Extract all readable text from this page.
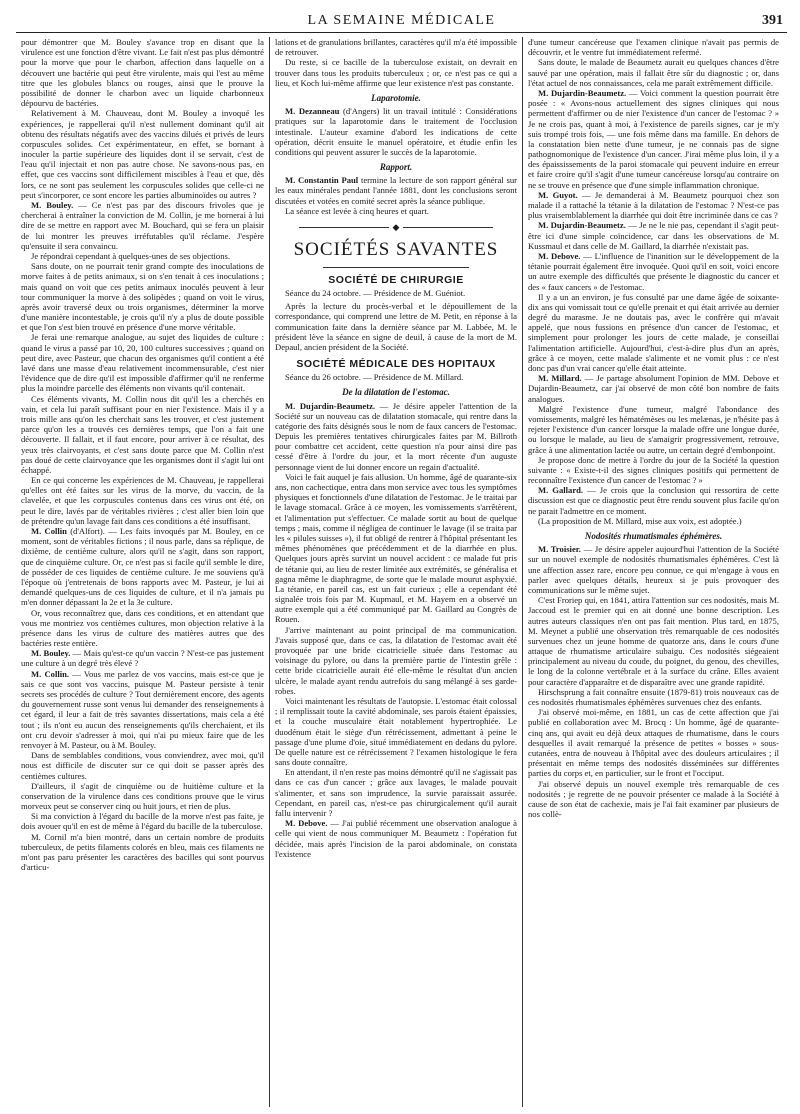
LA SEMAINE MÉDICALE	391

pour démontrer que M. Bouley s'avance trop en disant que la virulence est une fonction d'être vivant. Le fait n'est pas plus démontré pour la morve que pour le charbon, affection dans laquelle on a découvert une bactérie qui peut être virulente, mais qui l'est au même titre que les globules blancs ou rouges, ainsi que le prouve la possibilité de donner le charbon avec un liquide charbonneux dépourvu de bactéries.

Relativement à M. Chauveau, dont M. Bouley a invoqué les expériences, je rappellerai qu'il n'est nullement dominant qu'il ait obtenu des résultats négatifs avec des vaccins dilués et privés de leurs corpuscules solides. Cet expérimentateur, en effet, se bornant à inoculer la partie supérieure des liquides dont il se servait, c'est de l'eau qu'il injectait et non pas autre chose. Ne savons-nous pas, en effet, que ces vaccins sont difficilement miscibles à l'eau et que, dès lors, ce ne sont pas seulement les corpuscules solides que celle-ci ne peut s'incorporer, ce sont encore les parties albuminoïdes ou autres ?

M. Bouley. — Ce n'est pas par des discours frivoles que je chercherai à entraîner la conviction de M. Collin, je me bornerai à lui dire de se mettre en rapport avec M. Bouchard, qui se fera un plaisir de lui montrer les preuves irréfutables qu'il réclame. J'espère qu'ensuite il sera convaincu.

Je répondrai cependant à quelques-unes de ses objections.

Sans doute, on ne pourrait tenir grand compte des inoculations de morve faites à de petits animaux, si on s'en tenait à ces inoculations ; mais quand on voit que ces petits animaux inoculés peuvent à leur tour communiquer la morve à des solipèdes ; quand on voit le virus, après avoir traversé deux ou trois organismes, déterminer la morve d'une manière incontestable, je crois qu'il n'y a plus de doute possible et que l'on s'est bien trouvé en présence d'une morve véritable.

Je ferai une remarque analogue, au sujet des liquides de culture : quand le virus a passé par 10, 20, 100 cultures successives ; quand on peut dire, avec Pasteur, que chacun des organismes qu'il contient a été lavé dans une masse d'eau relativement incommensurable, c'est nier l'évidence que de dire qu'il est impossible d'affirmer qu'il ne renferme plus la moindre parcelle des éléments non vivants qu'il contenait.

Ces éléments vivants, M. Collin nous dit qu'il les a cherchés en vain, et cela lui paraît suffisant pour en nier l'existence. Mais il y a trois mille ans qu'on les cherchait sans les trouver, et c'est justement parce qu'on les a trouvés ces dernières temps, que l'on a fait une découverte. Il fallait, et il faut encore, pour arriver à ce résultat, des yeux très clairvoyants, et c'est sans doute parce que M. Collin n'est pas doué de cette clairvoyance que les organismes dont il s'agit lui ont échappé.

En ce qui concerne les expériences de M. Chauveau, je rappellerai qu'elles ont été faites sur les virus de la morve, du vaccin, de la clavelée, et que les corpuscules contenus dans ces virus ont été, on peut le dire, lavés par de véritables rivières ; c'est aller bien loin que de prétendre qu'un lavage fait dans ces conditions a été insuffisant.

M. Collin (d'Alfort). — Les faits invoqués par M. Bouley, en ce moment, sont de véritables fictions ; il nous parle, dans sa réplique, de dixième, de centième culture, alors qu'il ne s'agit, dans son rapport, que de cinquième culture. Or, ce n'est pas si facile qu'il semble le dire, de posséder de ces liquides de centième culture. Je me souviens qu'à l'époque où j'entretenais de bons rapports avec M. Pasteur, je lui ai demandé quelques-uns de ces liquides de culture, et il n'a jamais pu m'en donner dépassant la 2e et la 3e culture.

Or, vous reconnaîtrez que, dans ces conditions, et en attendant que vous me montriez vos centièmes cultures, mon objection relative à la présence dans les virus de culture des matières autres que des bactéries reste entière.

M. Bouley. — Mais qu'est-ce qu'un vaccin ? N'est-ce pas justement une culture à un degré très élevé ?

M. Collin. — Vous me parlez de vos vaccins, mais est-ce que je sais ce que sont vos vaccins, puisque M. Pasteur persiste à tenir secrets ses procédés de culture ? Tout dernièrement encore, des agents du gouvernement russe sont venus lui demander des renseignements à cet égard, il leur a fait de très savantes dissertations, mais cela a été tout ; ils n'ont eu aucun des renseignements qu'ils cherchaient, et ils ont cru devoir s'adresser à moi, qui n'ai pu mieux faire que de les renvoyer à M. Pasteur, ou à M. Bouley.

Dans de semblables conditions, vous conviendrez, avec moi, qu'il nous est difficile de discuter sur ce qui doit se passer après des centièmes cultures.

D'ailleurs, il s'agit de cinquième ou de huitième culture et la conservation de la virulence dans ces conditions prouve que le virus morveux peut se conserver cinq ou huit jours, et rien de plus.

Si ma conviction à l'égard du bacille de la morve n'est pas faite, je dois avouer qu'il en est de même à l'égard du bacille de la tuberculose.

M. Cornil m'a bien montré, dans un certain nombre de produits tuberculeux, de petits filaments colorés en bleu, mais ces filaments ne m'ont pas paru présenter les caractères des bacilles qui sont pourvus d'articu-

lations et de granulations brillantes, caractères qu'il m'a été impossible de retrouver.

Du reste, si ce bacille de la tuberculose existait, on devrait en trouver dans tous les produits tuberculeux ; or, ce n'est pas ce qui a lieu, et Koch lui-même affirme que leur existence n'est pas constante.

Laparotomie.

M. Dezanneau (d'Angers) lit un travail intitulé : Considérations pratiques sur la laparotomie dans le traitement de l'occlusion intestinale. L'auteur examine d'abord les indications de cette opération, décrit ensuite le manuel opératoire, et étudie enfin les conditions qui peuvent assurer le succès de la laparotomie.

Rapport.

M. Constantin Paul termine la lecture de son rapport général sur les eaux minérales pendant l'année 1881, dont les conclusions seront discutées et votées en comité secret après la séance publique.

La séance est levée à cinq heures et quart.

◆
SOCIÉTÉS SAVANTES
SOCIÉTÉ DE CHIRURGIE

Séance du 24 octobre. — Présidence de M. Guéniot.

Après la lecture du procès-verbal et le dépouillement de la correspondance, qui comprend une lettre de M. Petit, en réponse à la communication faite dans la dernière séance par M. Labbée, M. le président lève la séance en signe de deuil, à cause de la mort de M. Depaul, ancien président de la Société.

SOCIÉTÉ MÉDICALE DES HOPITAUX

Séance du 26 octobre. — Présidence de M. Millard.

De la dilatation de l'estomac.

M. Dujardin-Beaumetz. — Je désire appeler l'attention de la Société sur un nouveau cas de dilatation stomacale, qui rentre dans la catégorie des faits désignés sous le nom de faux cancers de l'estomac. Depuis les premières tentatives chirurgicales faites par M. Billroth pour combattre cet accident, cette question n'a pour ainsi dire pas cessé d'être à l'ordre du jour, et la mort récente d'un auguste personnage vient de lui donner encore un regain d'actualité.

Voici le fait auquel je fais allusion. Un homme, âgé de quarante-six ans, non cachectique, entra dans mon service avec tous les symptômes physiques et fonctionnels d'une dilatation de l'estomac. Je le traitai par le lavage stomacal. Grâce à ce moyen, les vomissements s'arrêtèrent, et l'alimentation put s'effectuer. Ce malade sortit au bout de quelque temps ; mais, comme il négligea de continuer le lavage (il se traita par les « pilules suisses »), il fut obligé de rentrer à l'hôpital présentant les mêmes phénomènes que précédemment et de la diarrhée en plus. Quelques jours après survint un nouvel accident : ce malade fut pris de tétanie qui, au lieu de rester limitée aux extrémités, se généralisa et gagna même le diaphragme, de sorte que le malade mourut asphyxié. La tétanie, en pareil cas, est un fait curieux ; elle a cependant été signalée trois fois par M. Kupmaul, et M. Hayem en a observé un autre exemple qui a été communiqué par M. Gaillard au Congrès de Rouen.

J'arrive maintenant au point principal de ma communication. J'avais supposé que, dans ce cas, la dilatation de l'estomac avait été provoquée par une bride cicatricielle située dans l'estomac au voisinage du pylore, ou dans la première partie de l'intestin grêle : cette bride cicatricielle aurait été elle-même le résultat d'un ancien ulcère, le malade ayant rendu autrefois du sang mélangé à ses garde-robes.

Voici maintenant les résultats de l'autopsie. L'estomac était colossal ; il remplissait toute la cavité abdominale, ses parois étaient épaissies, et la couche musculaire était notablement hypertrophiée. Le duodénum était le siège d'un rétrécissement, admettant à peine le passage d'une plume d'oie, situé immédiatement en dedans du pylore. De quelle nature est ce rétrécissement ? l'examen histologique le fera sans doute connaître.

En attendant, il n'en reste pas moins démontré qu'il ne s'agissait pas dans ce cas d'un cancer ; grâce aux lavages, le malade pouvait s'alimenter, et sans son imprudence, la survie paraissait assurée. Cependant, en pareil cas, n'est-ce pas chirurgicalement qu'il aurait fallu intervenir ?

M. Debove. — J'ai publié récemment une observation analogue à celle qui vient de nous communiquer M. Beaumetz : l'opération fut décidée, mais après l'incision de la paroi abdominale, on constata l'existence

d'une tumeur cancéreuse que l'examen clinique n'avait pas permis de découvrir, et le ventre fut immédiatement refermé.

Sans doute, le malade de Beaumetz aurait eu quelques chances d'être sauvé par une opération, mais il fallait être sûr du diagnostic ; or, dans l'état actuel de nos connaissances, cela me paraît extrêmement difficile.

M. Dujardin-Beaumetz. — Voici comment la question pourrait être posée : « Avons-nous actuellement des signes cliniques qui nous permettent d'affirmer ou de nier l'existence d'un cancer de l'estomac ? » Je ne crois pas, quant à moi, à l'existence de pareils signes, car je m'y suis trompé trois fois, — une fois même dans ma famille. En dehors de la constatation bien nette d'une tumeur, je ne connais pas de signe pathognomonique de l'existence d'un cancer. J'irai même plus loin, il y a des épaississements de la paroi stomacale qui peuvent induire en erreur et faire croire qu'il s'agit d'une tumeur cancéreuse lorsqu'au contraire on ne se trouve en présence que d'une simple inflammation chronique.

M. Guyot. — Je demanderai à M. Beaumetz pourquoi chez son malade il a rattaché la tétanie à la dilatation de l'estomac ? N'est-ce pas plus vraisemblablement la diarrhée qui doit être incriminée dans ce cas ?

M. Dujardin-Beaumetz. — Je ne le nie pas, cependant il s'agit peut-être ici d'une simple coïncidence, car dans les observations de M. Kussmaul et dans celle de M. Gaillard, la diarrhée n'existait pas.

M. Debove. — L'influence de l'inanition sur le développement de la tétanie pourrait également être invoquée. Quoi qu'il en soit, voici encore un autre exemple des difficultés que présente le diagnostic du cancer et des « faux cancers » de l'estomac.

Il y a un an environ, je fus consulté par une dame âgée de soixante-dix ans qui vomissait tout ce qu'elle prenait et qui était arrivée au dernier degré du marasme. Je ne doutais pas, avec le confrère qui m'avait appelé, que nous fussions en présence d'un cancer de l'estomac, et simplement pour prolonger les jours de cette malade, je conseillai l'alimentation artificielle. Aujourd'hui, c'est-à-dire plus d'un an après, grâce à ce moyen, cette malade s'alimente et ne vomit plus : ce n'est donc pas d'un vrai cancer qu'elle était atteinte.

M. Millard. — Je partage absolument l'opinion de MM. Debove et Dujardin-Beaumetz, car j'ai observé de mon côté bon nombre de faits analogues.

Malgré l'existence d'une tumeur, malgré l'abondance des vomissements, malgré les hématémèses ou les melænas, je n'hésite pas à rejeter l'existence d'un cancer lorsque la malade offre une longue durée, ou lorsque le malade, au lieu de s'amaigrir progressivement, retrouve, grâce à une alimentation lactée ou autre, un certain degré d'embonpoint.

Je propose donc de mettre à l'ordre du jour de la Société la question suivante : « Existe-t-il des signes cliniques positifs qui permettent de reconnaître l'existence d'un cancer de l'estomac ? »

M. Gallard. — Je crois que la conclusion qui ressortira de cette discussion est que ce diagnostic peut être rendu souvent plus facile qu'on ne parait l'admettre en ce moment.

(La proposition de M. Millard, mise aux voix, est adoptée.)

Nodosités rhumatismales éphémères.

M. Troisier. — Je désire appeler aujourd'hui l'attention de la Société sur un nouvel exemple de nodosités rhumatismales éphémères. C'est là une affection assez rare, encore peu connue, ce qui m'engage à vous en parler avec quelques détails, heureux si je puis provoquer des communications sur le même sujet.

C'est Froriep qui, en 1841, attira l'attention sur ces nodosités, mais M. Jaccoud est le premier qui en ait donné une bonne description. Les autres auteurs classiques n'en ont pas fait mention. Plus tard, en 1875, M. Meynet a publié une observation très remarquable de ces nodosités survenues chez un jeune homme de quatorze ans, dans le cours d'une attaque de rhumatisme articulaire subaigu. Ces nodosités siégeaient principalement au niveau du coude, du poignet, du genou, des chevilles, le long de la colonne vertébrale et à la surface du crâne. Elles avaient pour caractère d'apparaître et de disparaître avec une grande rapidité.

Hirschsprung a fait connaître ensuite (1879-81) trois nouveaux cas de ces nodosités rhumatismales éphémères survenues chez des enfants.

J'ai observé moi-même, en 1881, un cas de cette affection que j'ai publié en collaboration avec M. Brocq : Un homme, âgé de quarante-cinq ans, qui avait eu déjà deux attaques de rhumatisme, dans le cours desquelles il avait remarqué la présence de petites « bosses » sous-cutanées, entra de nouveau à l'hôpital avec des douleurs articulaires ; il présentait en même temps des nodosités disséminées sur différentes parties du corps et, en particulier, sur le front et l'occiput.

J'ai observé depuis un nouvel exemple très remarquable de ces nodosités ; je regrette de ne pouvoir présenter ce malade à la Société à cause de son état de cachexie, mais je l'ai fait examiner par plusieurs de nos collè-
